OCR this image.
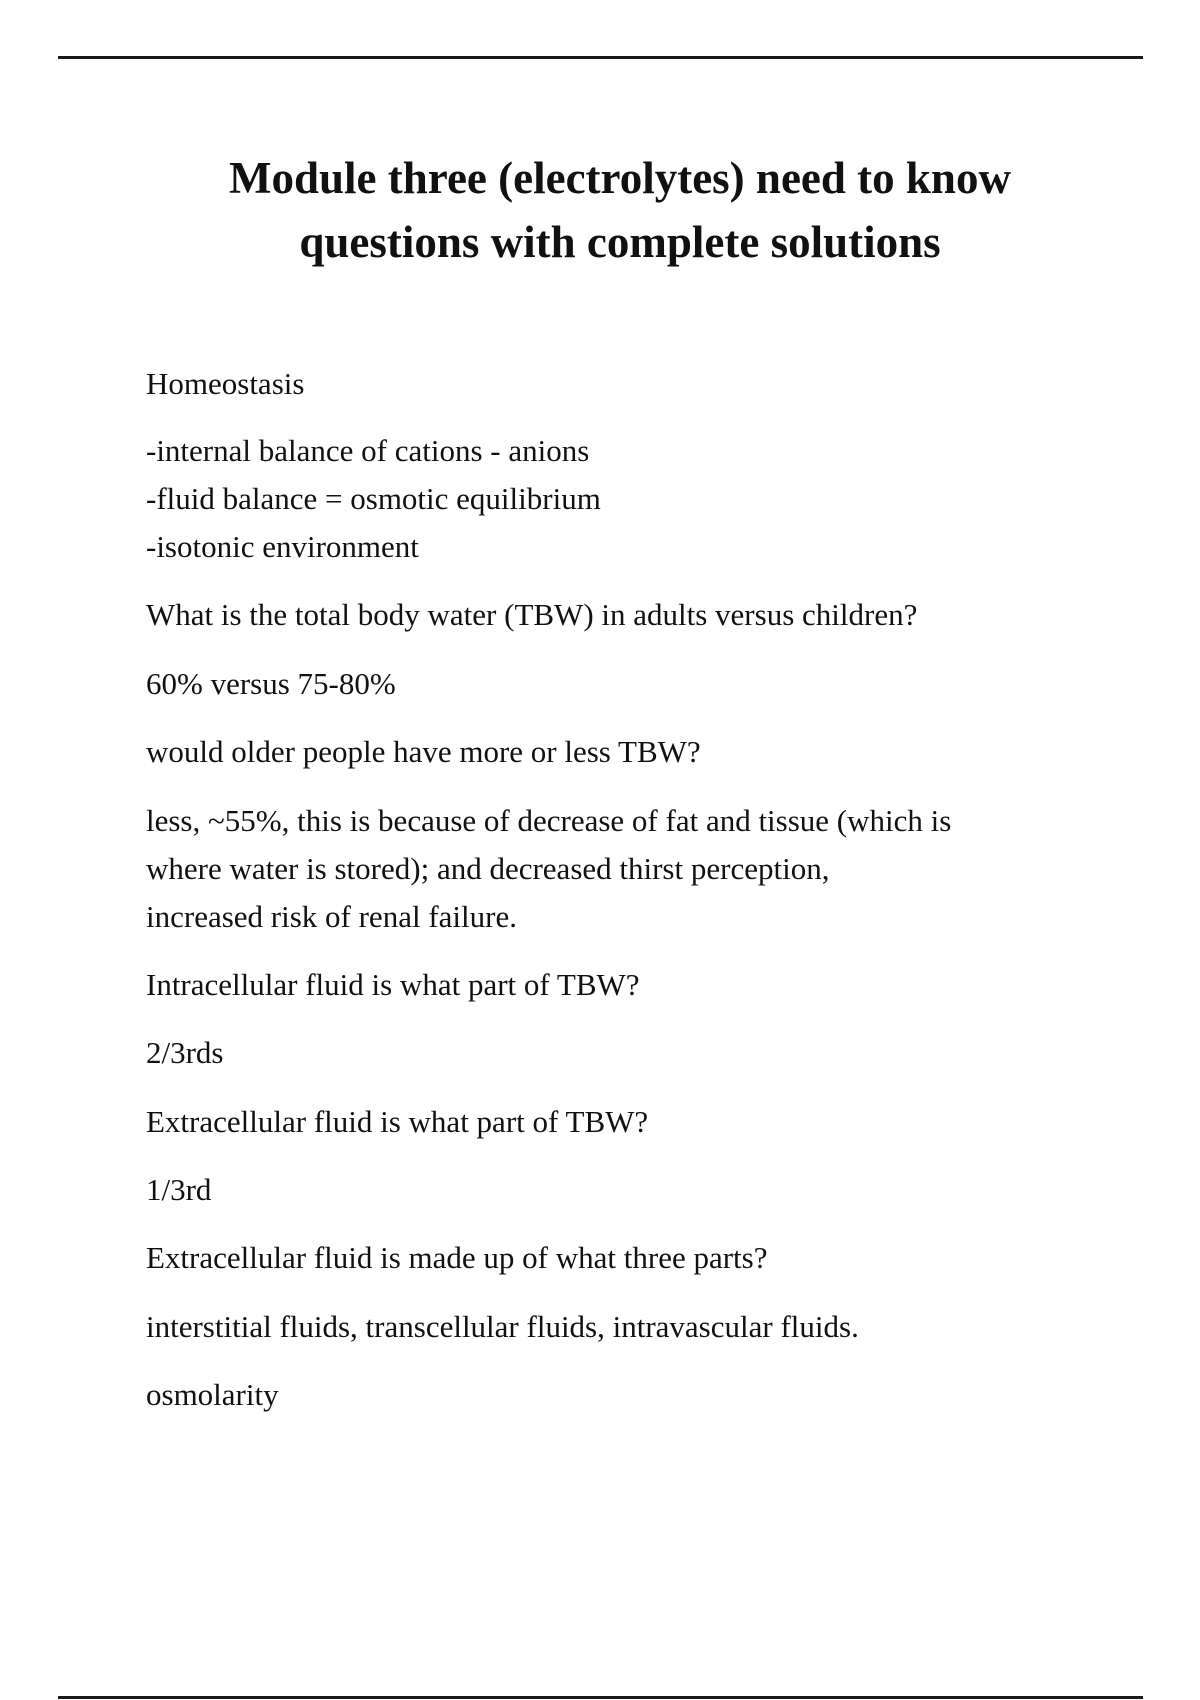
Module three (electrolytes) need to know
questions with complete solutions
Homeostasis
-internal balance of cations - anions
-fluid balance = osmotic equilibrium
-isotonic environment
What is the total body water (TBW) in adults versus children?
60% versus 75-80%
would older people have more or less TBW?
less, ~55%, this is because of decrease of fat and tissue (which is
where water is stored); and decreased thirst perception,
increased risk of renal failure.
Intracellular fluid is what part of TBW?
2/3rds
Extracellular fluid is what part of TBW?
1/3rd
Extracellular fluid is made up of what three parts?
interstitial fluids, transcellular fluids, intravascular fluids.
osmolarity
